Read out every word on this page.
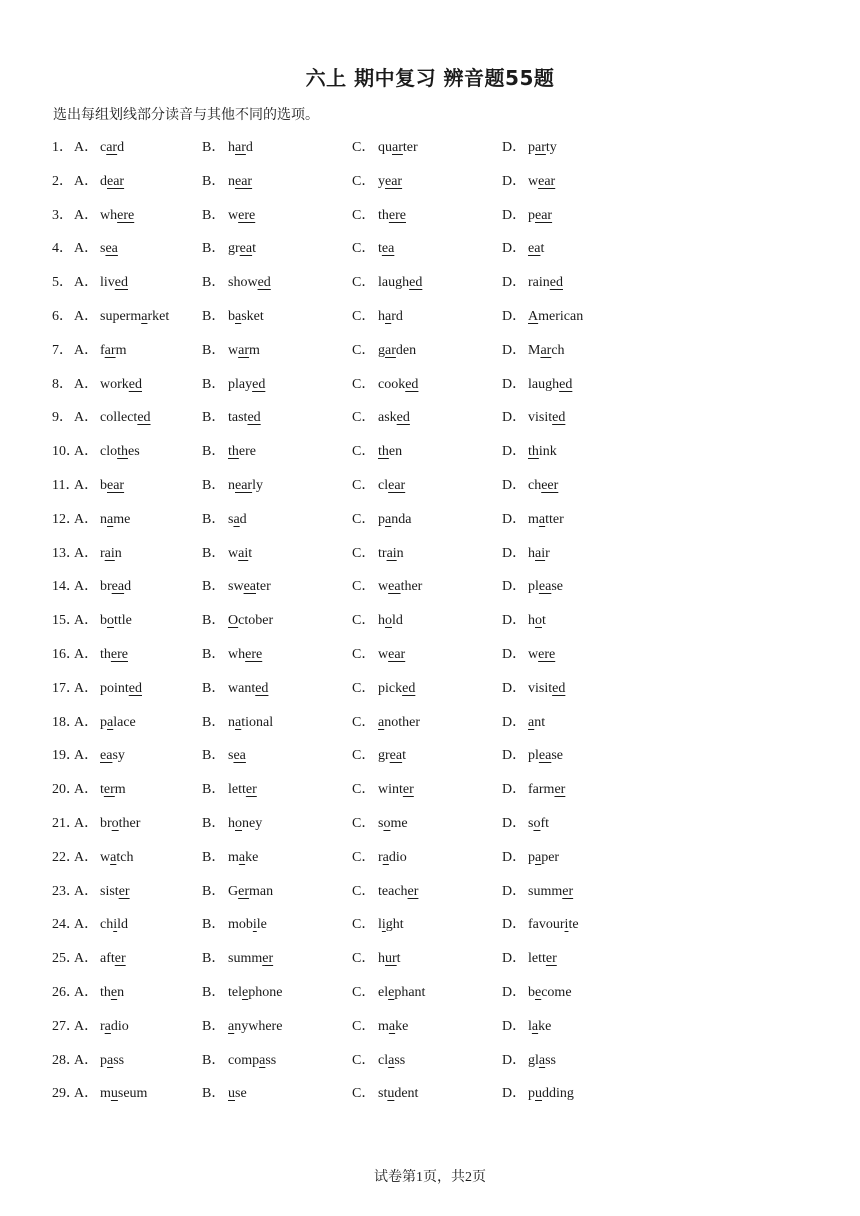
六上 期中复习 辨音题55题
选出每组划线部分读音与其他不同的选项。
1． A． card	B． hard	C． quarter	D． party
2． A． dear	B． near	C． year	D． wear
3． A． where	B． were	C． there	D． pear
4． A． sea	B． great	C． tea	D． eat
5． A． lived	B． showed	C． laughed	D． rained
6． A． supermarket B． basket	C． hard	D． American
7． A． farm	B． warm	C． garden	D． March
8． A． worked	B． played	C． cooked	D． laughed
9． A． collected	B． tasted	C． asked	D． visited
10．
A． clothes	B． there	C． then	D． think
11．
A． bear	B． nearly	C． clear	D． cheer
12．
A． name	B． sad	C． panda	D． matter
13．
A． rain	B． wait	C． train	D． hair
14．
A． bread	B． sweater	C． weather	D． please
15．
A． bottle	B． October	C． hold	D． hot
16．
A． there	B． where	C． wear	D． were
17．
A． pointed	B． wanted	C． picked	D． visited
18．
A． palace	B． national	C． another	D． ant
19．
A． easy	B． sea	C． great	D． please
20．
A． term	B． letter	C． winter	D． farmer
21．
A． brother	B． honey	C． some	D． soft
22．
A． watch	B． make	C． radio	D． paper
23．
A． sister	B． German	C． teacher	D． summer
24．
A． child	B． mobile	C． light	D． favourite
25．
A． after	B． summer	C． hurt	D． letter
26．
A． then	B． telephone	C． elephant	D． become
27．
A． radio	B． anywhere	C． make	D． lake
28．
A． pass	B． compass	C． class	D． glass
29．
A． museum	B． use	C． student	D． pudding
试卷第1页，共2页
